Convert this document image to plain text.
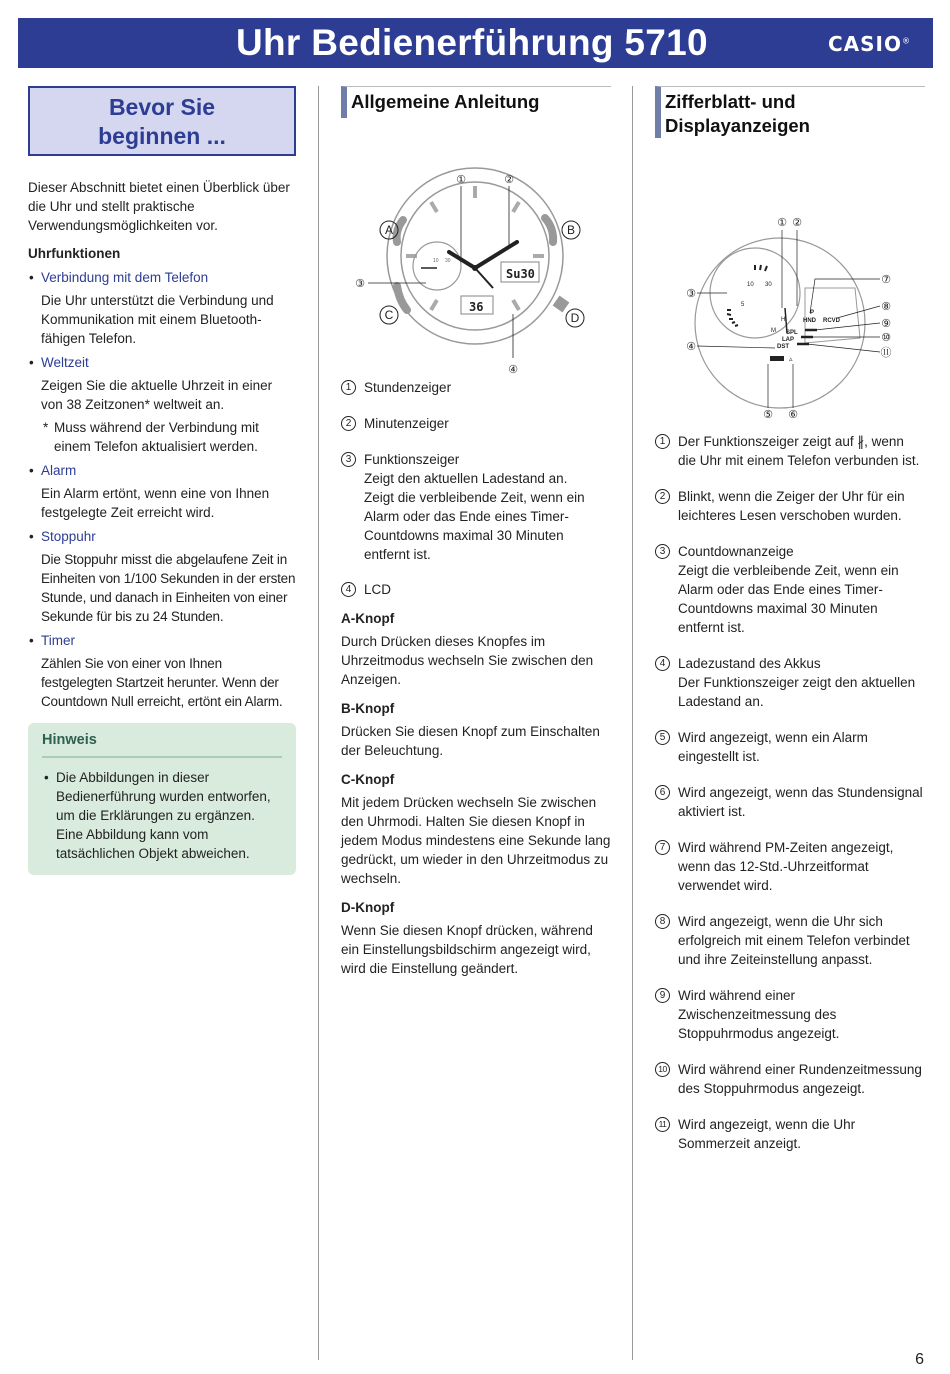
Uhr Bedienerführung 5710	CASIO®
Bevor Sie
beginnen ...

Dieser Abschnitt bietet einen Überblick über die Uhr und stellt praktische Verwendungsmöglichkeiten vor.

Uhrfunktionen
• Verbindung mit dem Telefon

Die Uhr unterstützt die Verbindung und Kommunikation mit einem Bluetooth-fähigen Telefon.

• Weltzeit

Zeigen Sie die aktuelle Uhrzeit in einer von 38 Zeitzonen* weltweit an.

* Muss während der Verbindung mit einem Telefon aktualisiert werden.

• Alarm

Ein Alarm ertönt, wenn eine von Ihnen festgelegte Zeit erreicht wird.

• Stoppuhr

Die Stoppuhr misst die abgelaufene Zeit in Einheiten von 1/100 Sekunden in der ersten Stunde, und danach in Einheiten von einer Sekunde für bis zu 24 Stunden.

• Timer

Zählen Sie von einer von Ihnen festgelegten Startzeit herunter. Wenn der Countdown Null erreicht, ertönt ein Alarm.

Hinweis

• Die Abbildungen in dieser Bedienerführung wurden entworfen, um die Erklärungen zu ergänzen. Eine Abbildung kann vom tatsächlichen Objekt abweichen.

Allgemeine Anleitung
10 30
Su30
36
①	②
③
④
A	B
C	D
1 Stundenzeiger
2 Minutenzeiger
3 Funktionszeiger
Zeigt den aktuellen Ladestand an.
Zeigt die verbleibende Zeit, wenn ein Alarm oder das Ende eines Timer-Countdowns maximal 30 Minuten entfernt ist.
4 LCD
A-Knopf

Durch Drücken dieses Knopfes im Uhrzeitmodus wechseln Sie zwischen den Anzeigen.

B-Knopf

Drücken Sie diesen Knopf zum Einschalten der Beleuchtung.

C-Knopf

Mit jedem Drücken wechseln Sie zwischen den Uhrmodi. Halten Sie diesen Knopf in jedem Modus mindestens eine Sekunde lang gedrückt, um wieder in den Uhrzeitmodus zu wechseln.

D-Knopf

Wenn Sie diesen Knopf drücken, während ein Einstellungsbildschirm angezeigt wird, wird die Einstellung geändert.

Zifferblatt- und
Displayanzeigen
10 30
5
H
M
P
HND RCVD
SPL
LAP
DST
▵
① ②
③
④
⑤ ⑥
⑦
⑧
⑨
⑩
⑪
1 Der Funktionszeiger zeigt auf ∦, wenn die Uhr mit einem Telefon verbunden ist.
2 Blinkt, wenn die Zeiger der Uhr für ein leichteres Lesen verschoben wurden.
3 Countdownanzeige
Zeigt die verbleibende Zeit, wenn ein Alarm oder das Ende eines Timer-Countdowns maximal 30 Minuten entfernt ist.
4 Ladezustand des Akkus
Der Funktionszeiger zeigt den aktuellen Ladestand an.
5 Wird angezeigt, wenn ein Alarm eingestellt ist.
6 Wird angezeigt, wenn das Stundensignal aktiviert ist.
7 Wird während PM-Zeiten angezeigt, wenn das 12-Std.-Uhrzeitformat verwendet wird.
8 Wird angezeigt, wenn die Uhr sich erfolgreich mit einem Telefon verbindet und ihre Zeiteinstellung anpasst.
9 Wird während einer Zwischenzeitmessung des Stoppuhrmodus angezeigt.
10 Wird während einer Rundenzeitmessung des Stoppuhrmodus angezeigt.
11 Wird angezeigt, wenn die Uhr Sommerzeit anzeigt.
6
